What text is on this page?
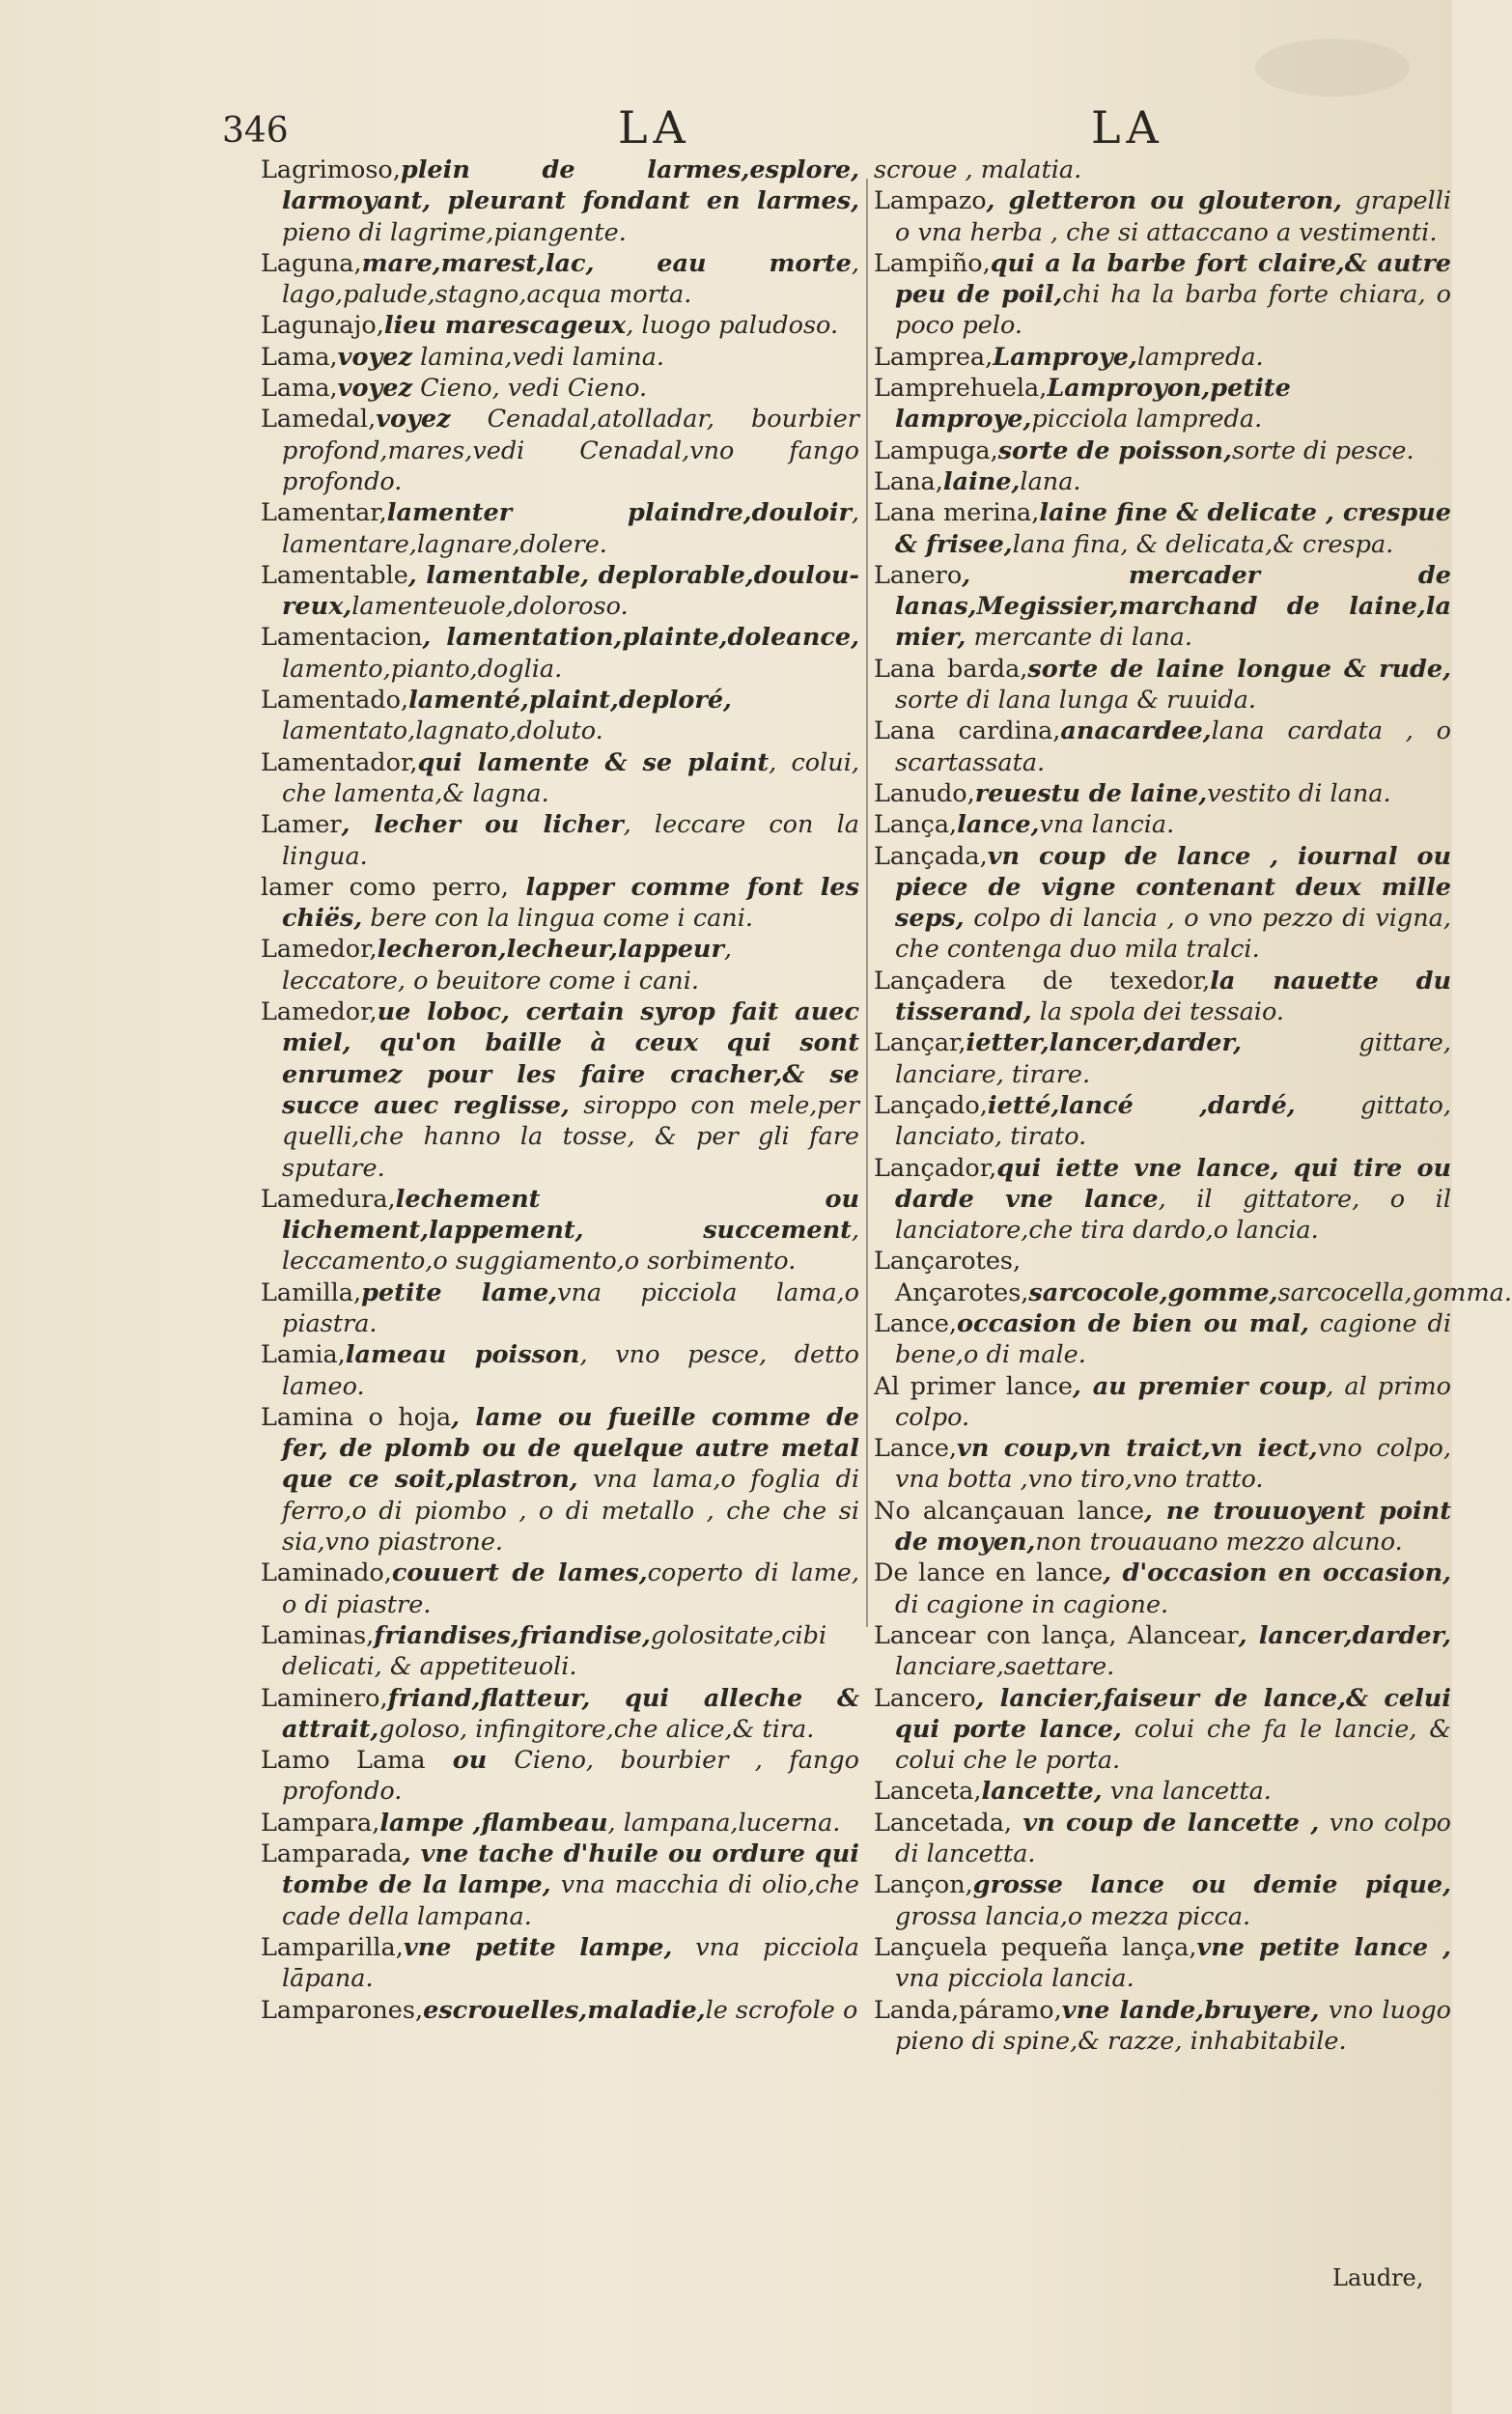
346	LA	LA

Lagrimoso,plein de larmes,esplore, larmoyant, pleurant fondant en larmes, pieno di lagrime,piangente.

Laguna,mare,marest,lac, eau morte, lago,palude,stagno,acqua morta.

Lagunajo,lieu marescageux, luogo paludoso.

Lama,voyez lamina,vedi lamina.

Lama,voyez Cieno, vedi Cieno.

Lamedal,voyez Cenadal,atolladar, bourbier profond,mares,vedi Cenadal,vno fango profondo.

Lamentar,lamenter plaindre,douloir, lamentare,lagnare,dolere.

Lamentable, lamentable, deplorable,doulou-reux,lamenteuole,doloroso.

Lamentacion, lamentation,plainte,doleance, lamento,pianto,doglia.

Lamentado,lamenté,plaint,deploré, lamentato,lagnato,doluto.

Lamentador,qui lamente & se plaint, colui, che lamenta,& lagna.

Lamer, lecher ou licher, leccare con la lingua.

lamer como perro, lapper comme font les chiës, bere con la lingua come i cani.

Lamedor,lecheron,lecheur,lappeur, leccatore, o beuitore come i cani.

Lamedor,ue loboc, certain syrop fait auec miel, qu'on baille à ceux qui sont enrumez pour les faire cracher,& se succe auec reglisse, siroppo con mele,per quelli,che hanno la tosse, & per gli fare sputare.

Lamedura,lechement ou lichement,lappement, succement, leccamento,o suggiamento,o sorbimento.

Lamilla,petite lame,vna picciola lama,o piastra.

Lamia,lameau poisson, vno pesce, detto lameo.

Lamina o hoja, lame ou fueille comme de fer, de plomb ou de quelque autre metal que ce soit,plastron, vna lama,o foglia di ferro,o di piombo , o di metallo , che che si sia,vno piastrone.

Laminado,couuert de lames,coperto di lame, o di piastre.

Laminas,friandises,friandise,golositate,cibi delicati, & appetiteuoli.

Laminero,friand,flatteur, qui alleche & attrait,goloso, infingitore,che alice,& tira.

Lamo Lama ou Cieno, bourbier , fango profondo.

Lampara,lampe ,flambeau, lampana,lucerna.

Lamparada, vne tache d'huile ou ordure qui tombe de la lampe, vna macchia di olio,che cade della lampana.

Lamparilla,vne petite lampe, vna picciola lāpana.

Lamparones,escrouelles,maladie,le scrofole o

scroue , malatia.

Lampazo, gletteron ou glouteron, grapelli o vna herba , che si attaccano a vestimenti.

Lampiño,qui a la barbe fort claire,& autre peu de poil,chi ha la barba forte chiara, o poco pelo.

Lamprea,Lamproye,lampreda.

Lamprehuela,Lamproyon,petite lamproye,picciola lampreda.

Lampuga,sorte de poisson,sorte di pesce.

Lana,laine,lana.

Lana merina,laine fine & delicate , crespue & frisee,lana fina, & delicata,& crespa.

Lanero, mercader de lanas,Megissier,marchand de laine,la mier, mercante di lana.

Lana barda,sorte de laine longue & rude, sorte di lana lunga & ruuida.

Lana cardina,anacardee,lana cardata , o scartassata.

Lanudo,reuestu de laine,vestito di lana.

Lança,lance,vna lancia.

Lançada,vn coup de lance , iournal ou piece de vigne contenant deux mille seps, colpo di lancia , o vno pezzo di vigna, che contenga duo mila tralci.

Lançadera de texedor,la nauette du tisserand, la spola dei tessaio.

Lançar,ietter,lancer,darder, gittare, lanciare, tirare.

Lançado,ietté,lancé ,dardé, gittato, lanciato, tirato.

Lançador,qui iette vne lance, qui tire ou darde vne lance, il gittatore, o il lanciatore,che tira dardo,o lancia.

Lançarotes, Ançarotes,sarcocole,gomme,sarcocella,gomma.

Lance,occasion de bien ou mal, cagione di bene,o di male.

Al primer lance, au premier coup, al primo colpo.

Lance,vn coup,vn traict,vn iect,vno colpo, vna botta ,vno tiro,vno tratto.

No alcançauan lance, ne trouuoyent point de moyen,non trouauano mezzo alcuno.

De lance en lance, d'occasion en occasion, di cagione in cagione.

Lancear con lança, Alancear, lancer,darder, lanciare,saettare.

Lancero, lancier,faiseur de lance,& celui qui porte lance, colui che fa le lancie, & colui che le porta.

Lanceta,lancette, vna lancetta.

Lancetada, vn coup de lancette , vno colpo di lancetta.

Lançon,grosse lance ou demie pique, grossa lancia,o mezza picca.

Lançuela pequeña lança,vne petite lance , vna picciola lancia.

Landa,páramo,vne lande,bruyere, vno luogo pieno di spine,& razze, inhabitabile.

Laudre,
